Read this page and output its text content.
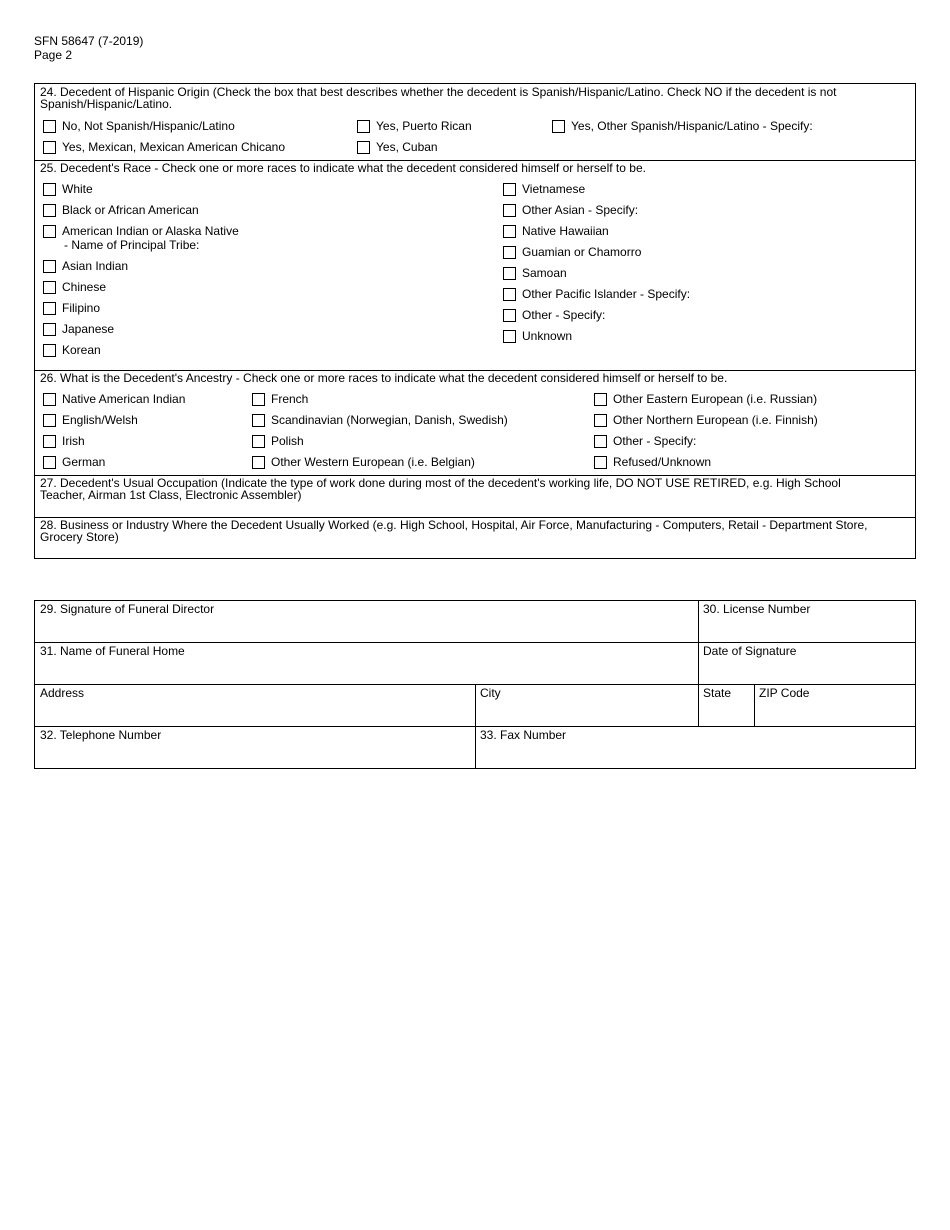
SFN 58647 (7-2019)
Page 2
24. Decedent of Hispanic Origin (Check the box that best describes whether the decedent is Spanish/Hispanic/Latino. Check NO if the decedent is not
Spanish/Hispanic/Latino.
No, Not Spanish/Hispanic/Latino	Yes, Puerto Rican	Yes, Other Spanish/Hispanic/Latino - Specify:
Yes, Mexican, Mexican American Chicano	Yes, Cuban
25. Decedent's Race - Check one or more races to indicate what the decedent considered himself or herself to be.
White
Black or African American
American Indian or Alaska Native
- Name of Principal Tribe:
Asian Indian
Chinese
Filipino
Japanese
Korean
Vietnamese
Other Asian - Specify:
Native Hawaiian
Guamian or Chamorro
Samoan
Other Pacific Islander - Specify:
Other - Specify:
Unknown
26. What is the Decedent's Ancestry - Check one or more races to indicate what the decedent considered himself or herself to be.
Native American Indian
English/Welsh
Irish
German
French
Scandinavian (Norwegian, Danish, Swedish)
Polish
Other Western European (i.e. Belgian)
Other Eastern European (i.e. Russian)
Other Northern European (i.e. Finnish)
Other - Specify:
Refused/Unknown
27. Decedent's Usual Occupation (Indicate the type of work done during most of the decedent's working life, DO NOT USE RETIRED, e.g. High School
Teacher, Airman 1st Class, Electronic Assembler)
28. Business or Industry Where the Decedent Usually Worked (e.g. High School, Hospital, Air Force, Manufacturing - Computers, Retail - Department Store,
Grocery Store)
29. Signature of Funeral Director	30. License Number
31. Name of Funeral Home	Date of Signature
Address	City	State ZIP Code
32. Telephone Number	33. Fax Number
